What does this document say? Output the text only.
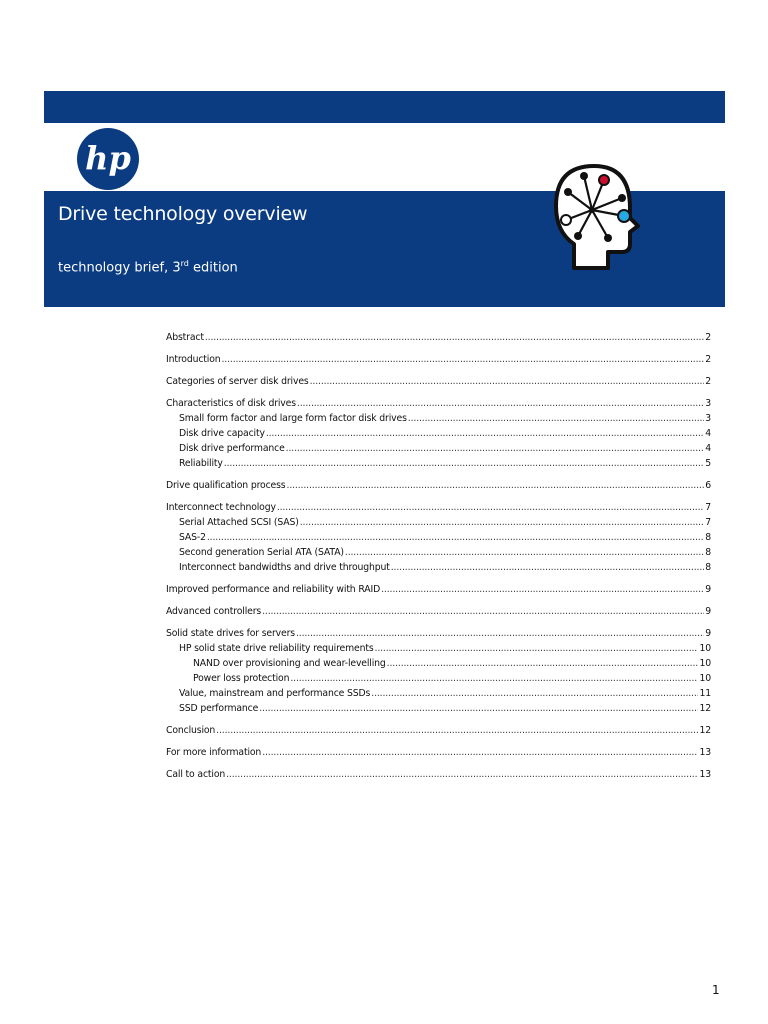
hp
Drive technology overview
technology brief, 3rd edition
Abstract .....	2
Introduction .....	2
Categories of server disk drives .....	2
Characteristics of disk drives .....	3
Small form factor and large form factor disk drives .....	3
Disk drive capacity .....	4
Disk drive performance .....	4
Reliability .....	5
Drive qualification process .....	6
Interconnect technology .....	7
Serial Attached SCSI (SAS) .....	7
SAS-2 .....	8
Second generation Serial ATA (SATA) .....	8
Interconnect bandwidths and drive throughput .....	8
Improved performance and reliability with RAID .....	9
Advanced controllers .....	9
Solid state drives for servers .....	9
HP solid state drive reliability requirements .....	10
NAND over provisioning and wear-levelling .....	10
Power loss protection .....	10
Value, mainstream and performance SSDs .....	11
SSD performance .....	12
Conclusion .....	12
For more information .....	13
Call to action .....	13
1
